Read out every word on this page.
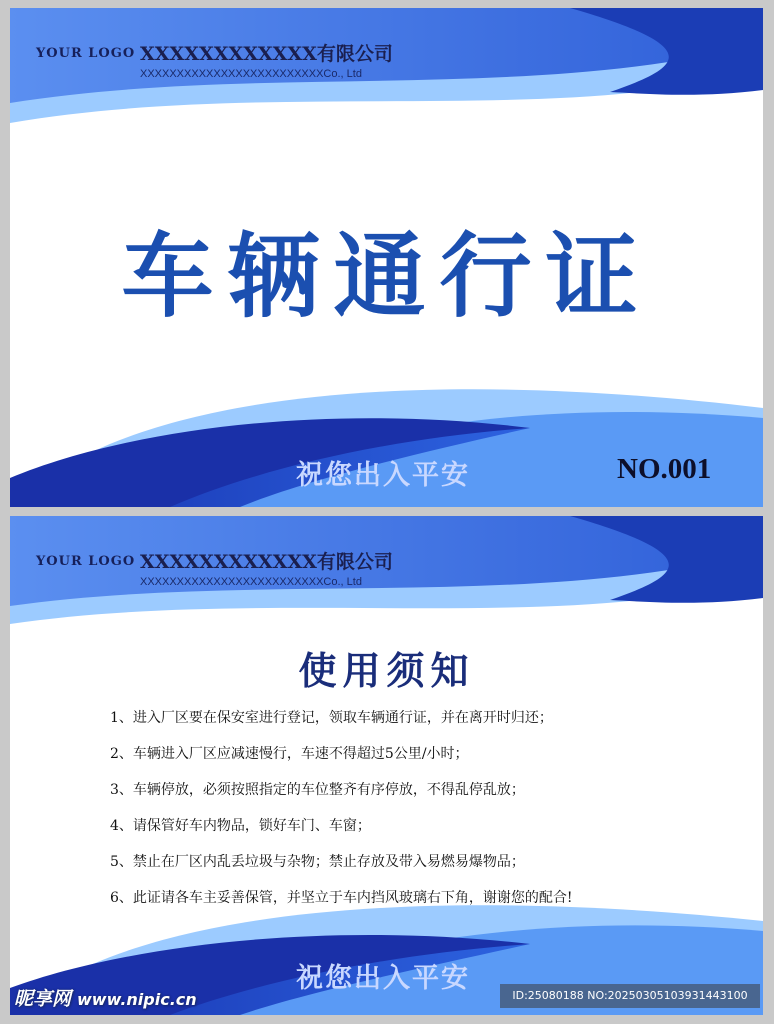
YOUR LOGO XXXXXXXXXXXX有限公司
XXXXXXXXXXXXXXXXXXXXXXXXXCo., Ltd
车辆通行证
祝您出入平安	NO.001
YOUR LOGO XXXXXXXXXXXX有限公司
XXXXXXXXXXXXXXXXXXXXXXXXXCo., Ltd
使用须知
1、进入厂区要在保安室进行登记，领取车辆通行证，并在离开时归还；
2、车辆进入厂区应减速慢行，车速不得超过5公里/小时；
3、车辆停放，必须按照指定的车位整齐有序停放，不得乱停乱放；
4、请保管好车内物品，锁好车门、车窗；
5、禁止在厂区内乱丢垃圾与杂物；禁止存放及带入易燃易爆物品；
6、此证请各车主妥善保管，并坚立于车内挡风玻璃右下角，谢谢您的配合!
祝您出入平安
昵享网 www.nipic.cn	ID:25080188 NO:20250305103931443100
